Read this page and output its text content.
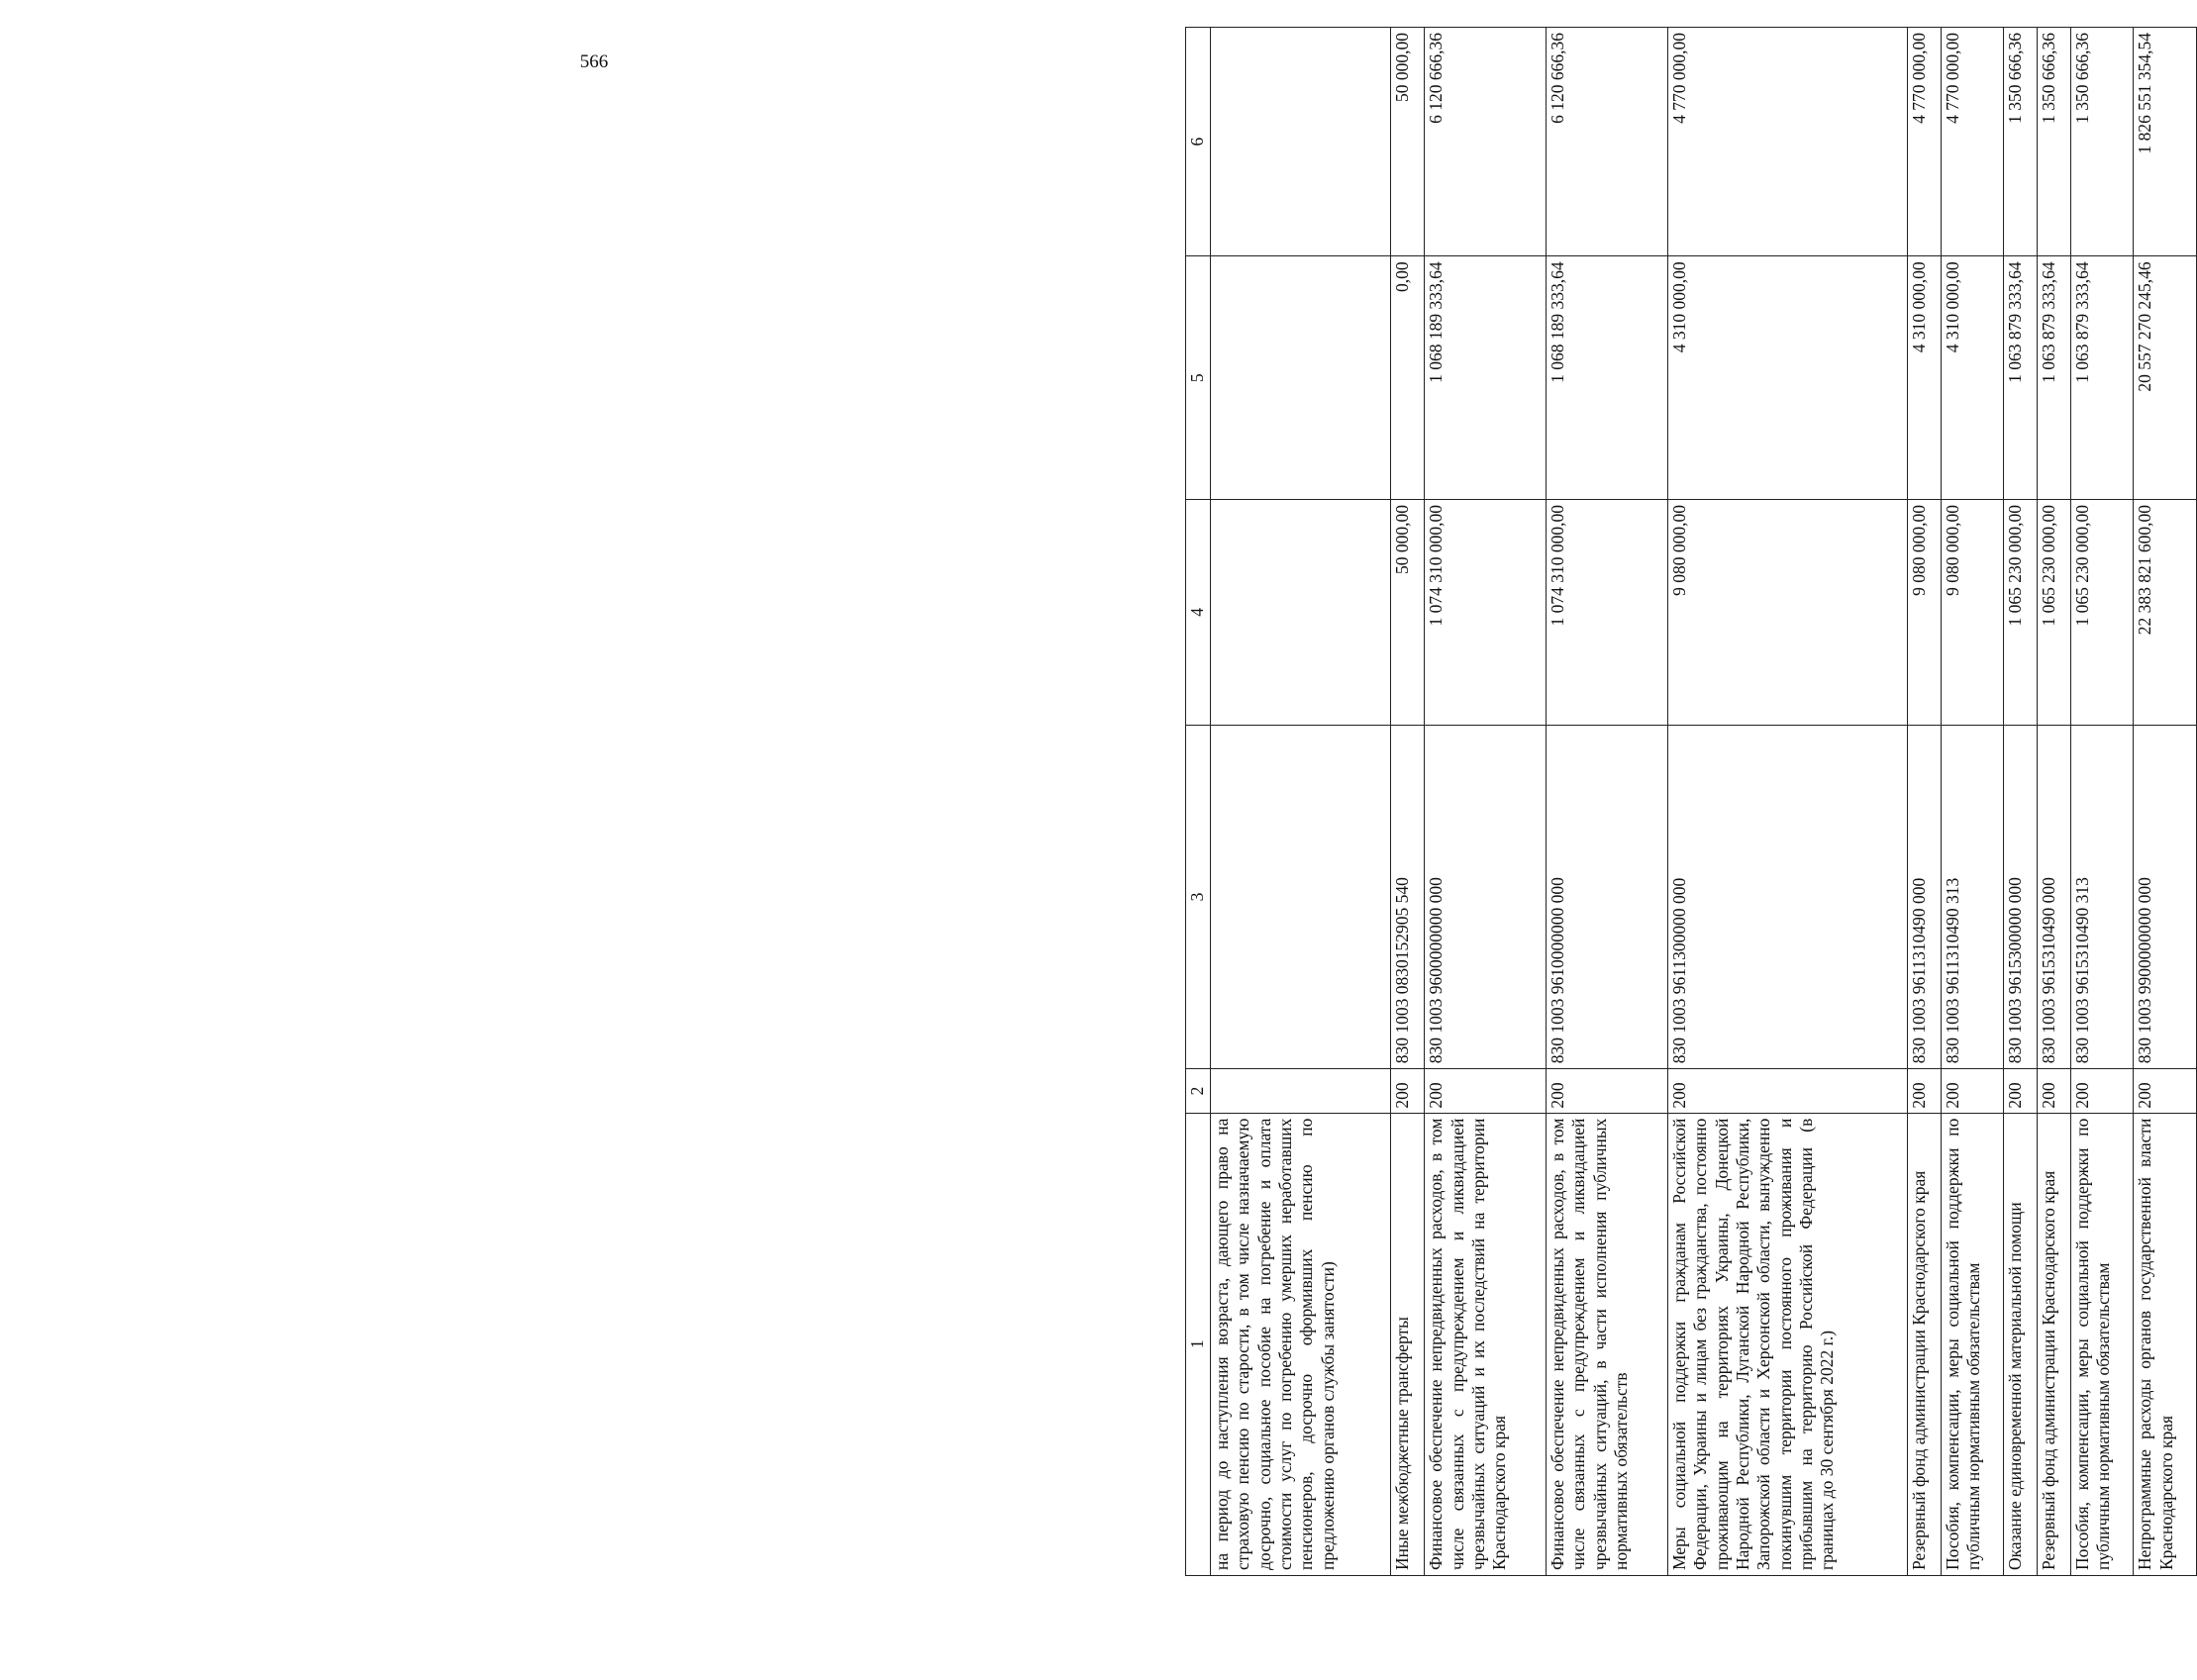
566
1	2	3	4	5	6
на период до наступления возраста, дающего право на страховую пенсию по старости, в том числе назначаемую досрочно, социальное пособие на погребение и оплата стоимости услуг по погребению умерших неработавших пенсионеров, досрочно оформивших пенсию по предложению органов службы занятости)					
Иные межбюджетные трансферты	200	830 1003 0830152905 540	50 000,00	0,00	50 000,00
Финансовое обеспечение непредвиденных расходов, в том числе связанных с предупреждением и ликвидацией чрезвычайных ситуаций и их последствий на территории Краснодарского края	200	830 1003 9600000000 000	1 074 310 000,00	1 068 189 333,64	6 120 666,36
Финансовое обеспечение непредвиденных расходов, в том числе связанных с предупреждением и ликвидацией чрезвычайных ситуаций, в части исполнения публичных нормативных обязательств	200	830 1003 9610000000 000	1 074 310 000,00	1 068 189 333,64	6 120 666,36
Меры социальной поддержки гражданам Российской Федерации, Украины и лицам без гражданства, постоянно проживающим на территориях Украины, Донецкой Народной Республики, Луганской Народной Республики, Запорожской области и Херсонской области, вынужденно покинувшим территории постоянного проживания и прибывшим на территорию Российской Федерации (в границах до 30 сентября 2022 г.)	200	830 1003 9611300000 000	9 080 000,00	4 310 000,00	4 770 000,00
Резервный фонд администрации Краснодарского края	200	830 1003 9611310490 000	9 080 000,00	4 310 000,00	4 770 000,00
Пособия, компенсации, меры социальной поддержки по публичным нормативным обязательствам	200	830 1003 9611310490 313	9 080 000,00	4 310 000,00	4 770 000,00
Оказание единовременной материальной помощи	200	830 1003 9615300000 000	1 065 230 000,00	1 063 879 333,64	1 350 666,36
Резервный фонд администрации Краснодарского края	200	830 1003 9615310490 000	1 065 230 000,00	1 063 879 333,64	1 350 666,36
Пособия, компенсации, меры социальной поддержки по публичным нормативным обязательствам	200	830 1003 9615310490 313	1 065 230 000,00	1 063 879 333,64	1 350 666,36
Непрограммные расходы органов государственной власти Краснодарского края	200	830 1003 9900000000 000	22 383 821 600,00	20 557 270 245,46	1 826 551 354,54
